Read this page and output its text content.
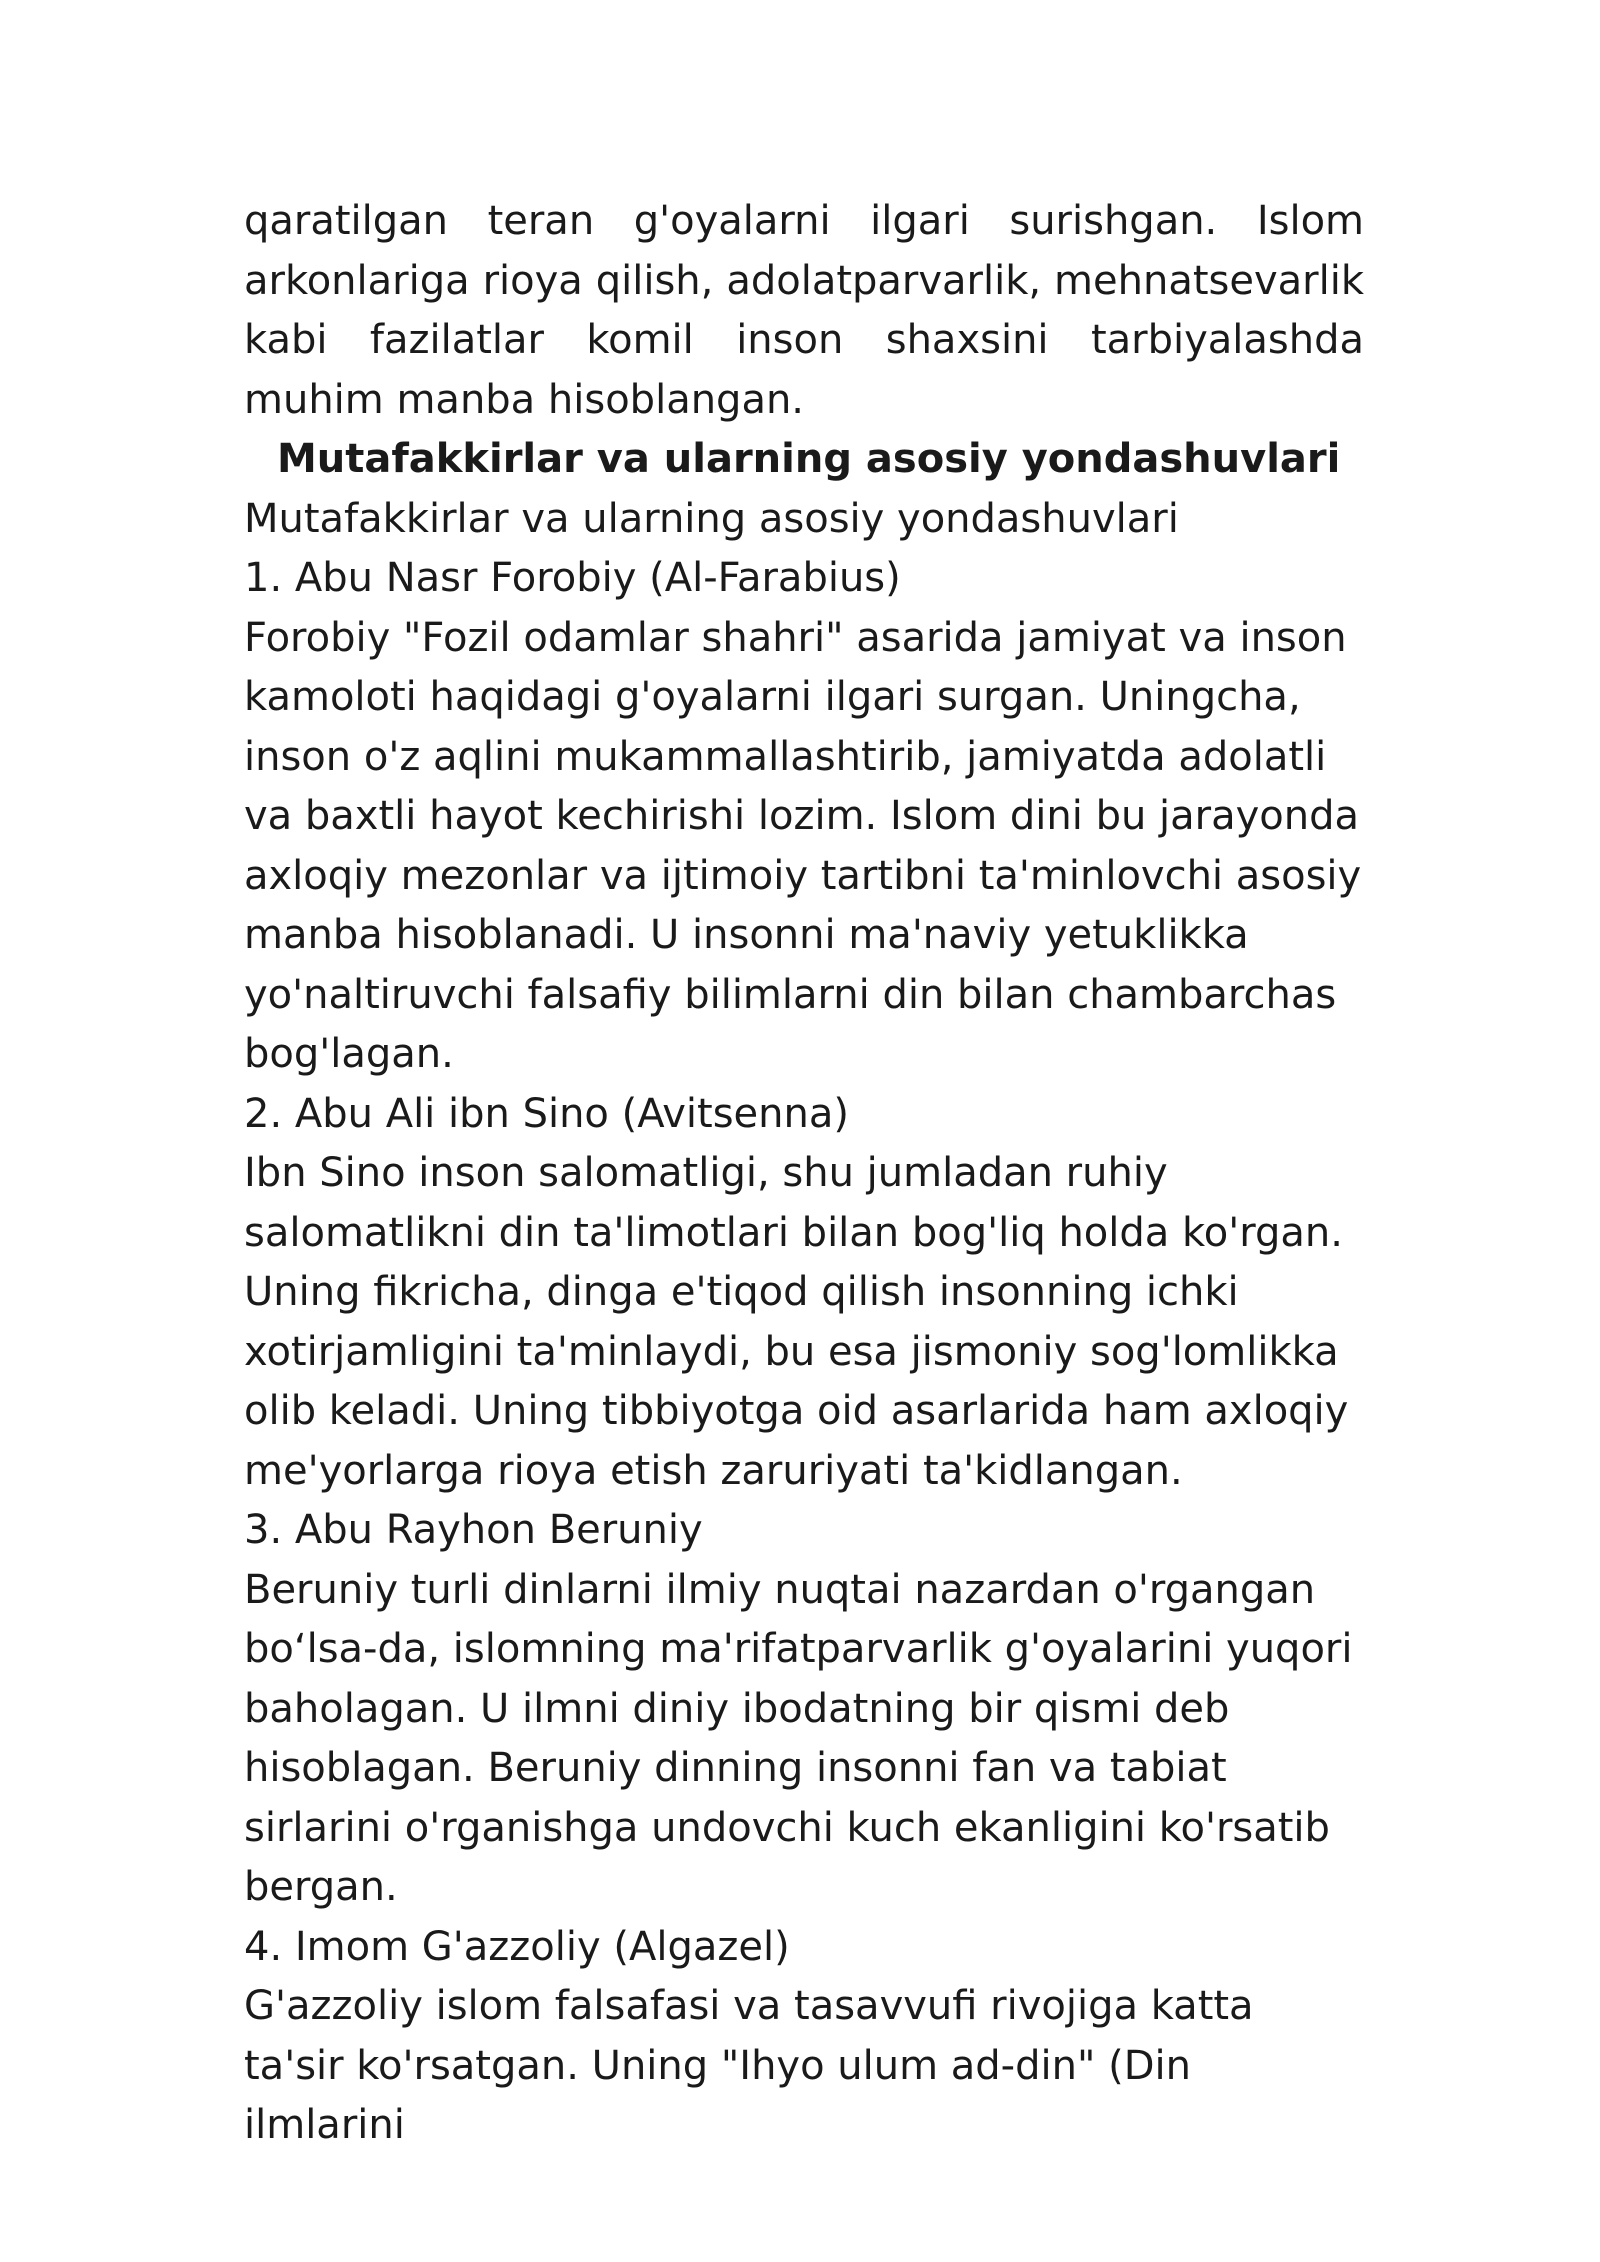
qaratilgan teran g'oyalarni ilgari surishgan. Islom arkonlariga rioya qilish, adolatparvarlik, mehnatsevarlik kabi fazilatlar komil inson shaxsini tarbiyalashda muhim manba hisoblangan.

Mutafakkirlar va ularning asosiy yondashuvlari

Mutafakkirlar va ularning asosiy yondashuvlari

1. Abu Nasr Forobiy (Al-Farabius)

Forobiy "Fozil odamlar shahri" asarida jamiyat va inson kamoloti haqidagi g'oyalarni ilgari surgan. Uningcha, inson o'z aqlini mukammallashtirib, jamiyatda adolatli va baxtli hayot kechirishi lozim. Islom dini bu jarayonda axloqiy mezonlar va ijtimoiy tartibni ta'minlovchi asosiy manba hisoblanadi. U insonni ma'naviy yetuklikka yo'naltiruvchi falsafiy bilimlarni din bilan chambarchas bog'lagan.

2. Abu Ali ibn Sino (Avitsenna)

Ibn Sino inson salomatligi, shu jumladan ruhiy salomatlikni din ta'limotlari bilan bog'liq holda ko'rgan. Uning fikricha, dinga e'tiqod qilish insonning ichki xotirjamligini ta'minlaydi, bu esa jismoniy sog'lomlikka olib keladi. Uning tibbiyotga oid asarlarida ham axloqiy me'yorlarga rioya etish zaruriyati ta'kidlangan.

3. Abu Rayhon Beruniy

Beruniy turli dinlarni ilmiy nuqtai nazardan o'rgangan bo‘lsa-da, islomning ma'rifatparvarlik g'oyalarini yuqori baholagan. U ilmni diniy ibodatning bir qismi deb hisoblagan. Beruniy dinning insonni fan va tabiat sirlarini o'rganishga undovchi kuch ekanligini ko'rsatib bergan.

4. Imom G'azzoliy (Algazel)

G'azzoliy islom falsafasi va tasavvufi rivojiga katta ta'sir ko'rsatgan. Uning "Ihyo ulum ad-din" (Din ilmlarini
